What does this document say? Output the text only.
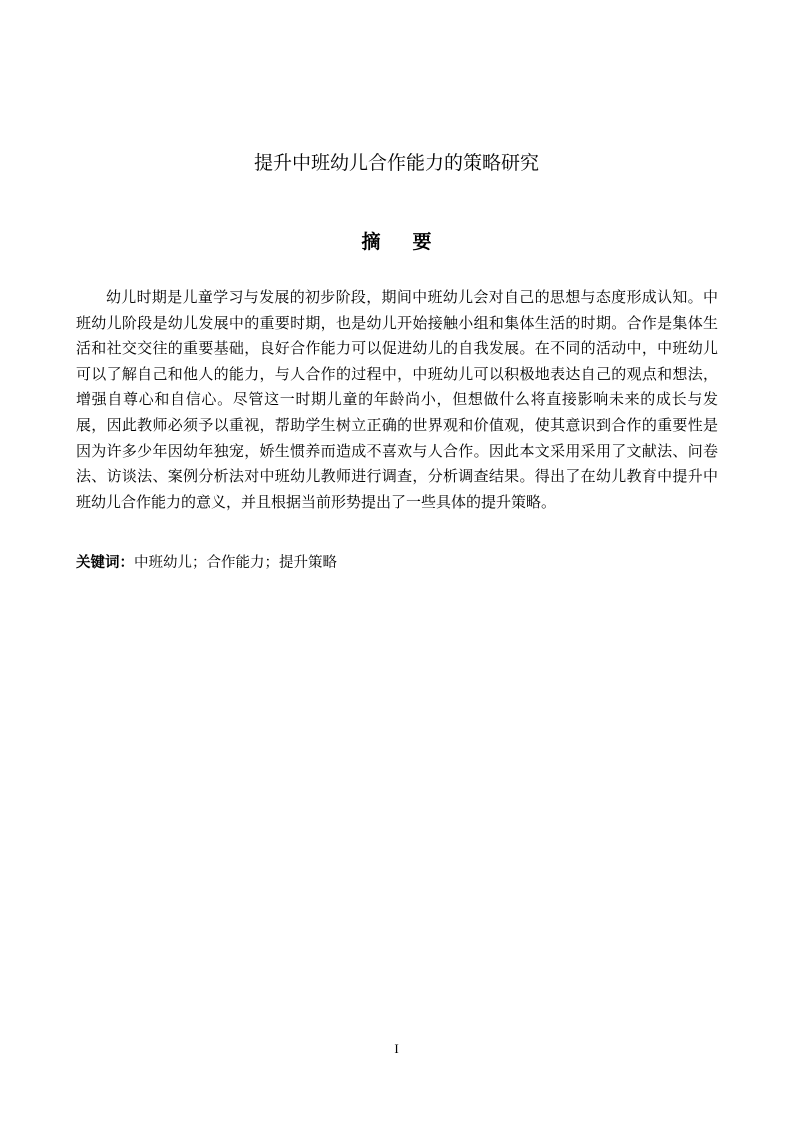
提升中班幼儿合作能力的策略研究
摘 要

幼儿时期是儿童学习与发展的初步阶段，期间中班幼儿会对自己的思想与态度形成认知。中班幼儿阶段是幼儿发展中的重要时期，也是幼儿开始接触小组和集体生活的时期。合作是集体生活和社交交往的重要基础，良好合作能力可以促进幼儿的自我发展。在不同的活动中，中班幼儿可以了解自己和他人的能力，与人合作的过程中，中班幼儿可以积极地表达自己的观点和想法，增强自尊心和自信心。尽管这一时期儿童的年龄尚小，但想做什么将直接影响未来的成长与发展，因此教师必须予以重视，帮助学生树立正确的世界观和价值观，使其意识到合作的重要性是因为许多少年因幼年独宠，娇生惯养而造成不喜欢与人合作。因此本文采用采用了文献法、问卷法、访谈法、案例分析法对中班幼儿教师进行调查，分析调查结果。得出了在幼儿教育中提升中班幼儿合作能力的意义，并且根据当前形势提出了一些具体的提升策略。

关键词：中班幼儿；合作能力；提升策略

I
